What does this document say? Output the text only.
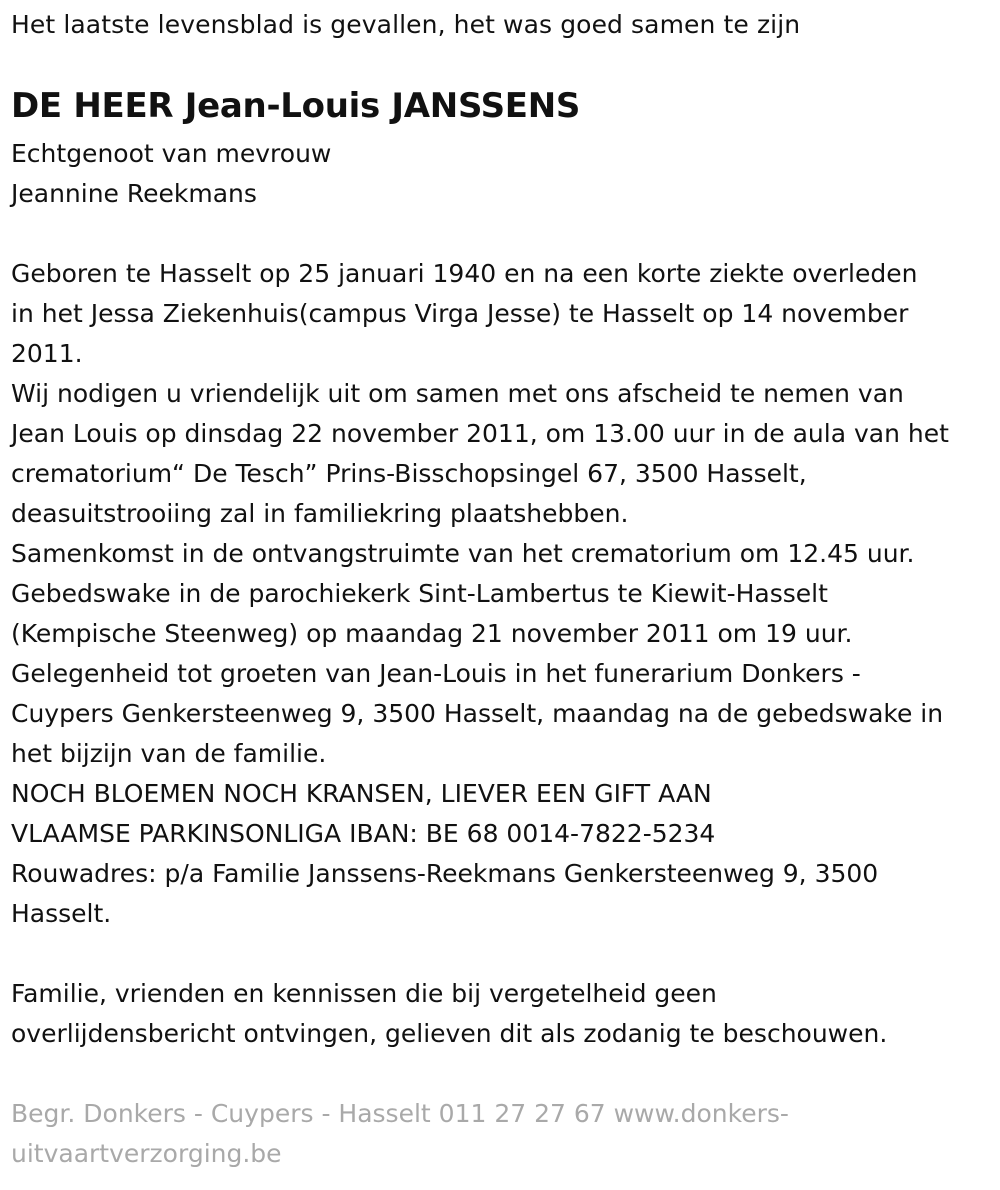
Het laatste levensblad is gevallen, het was goed samen te zijn
DE HEER Jean-Louis JANSSENS
Echtgenoot van mevrouw
Jeannine Reekmans
Geboren te Hasselt op 25 januari 1940 en na een korte ziekte overleden
in het Jessa Ziekenhuis(campus Virga Jesse) te Hasselt op 14 november
2011.
Wij nodigen u vriendelijk uit om samen met ons afscheid te nemen van
Jean Louis op dinsdag 22 november 2011, om 13.00 uur in de aula van het
crematorium“ De Tesch” Prins-Bisschopsingel 67, 3500 Hasselt,
deasuitstrooiing zal in familiekring plaatshebben.
Samenkomst in de ontvangstruimte van het crematorium om 12.45 uur.
Gebedswake in de parochiekerk Sint-Lambertus te Kiewit-Hasselt
(Kempische Steenweg) op maandag 21 november 2011 om 19 uur.
Gelegenheid tot groeten van Jean-Louis in het funerarium Donkers -
Cuypers Genkersteenweg 9, 3500 Hasselt, maandag na de gebedswake in
het bijzijn van de familie.
NOCH BLOEMEN NOCH KRANSEN, LIEVER EEN GIFT AAN
VLAAMSE PARKINSONLIGA IBAN: BE 68 0014-7822-5234
Rouwadres: p/a Familie Janssens-Reekmans Genkersteenweg 9, 3500
Hasselt.
Familie, vrienden en kennissen die bij vergetelheid geen
overlijdensbericht ontvingen, gelieven dit als zodanig te beschouwen.
Begr. Donkers - Cuypers - Hasselt 011 27 27 67 www.donkers-
uitvaartverzorging.be
